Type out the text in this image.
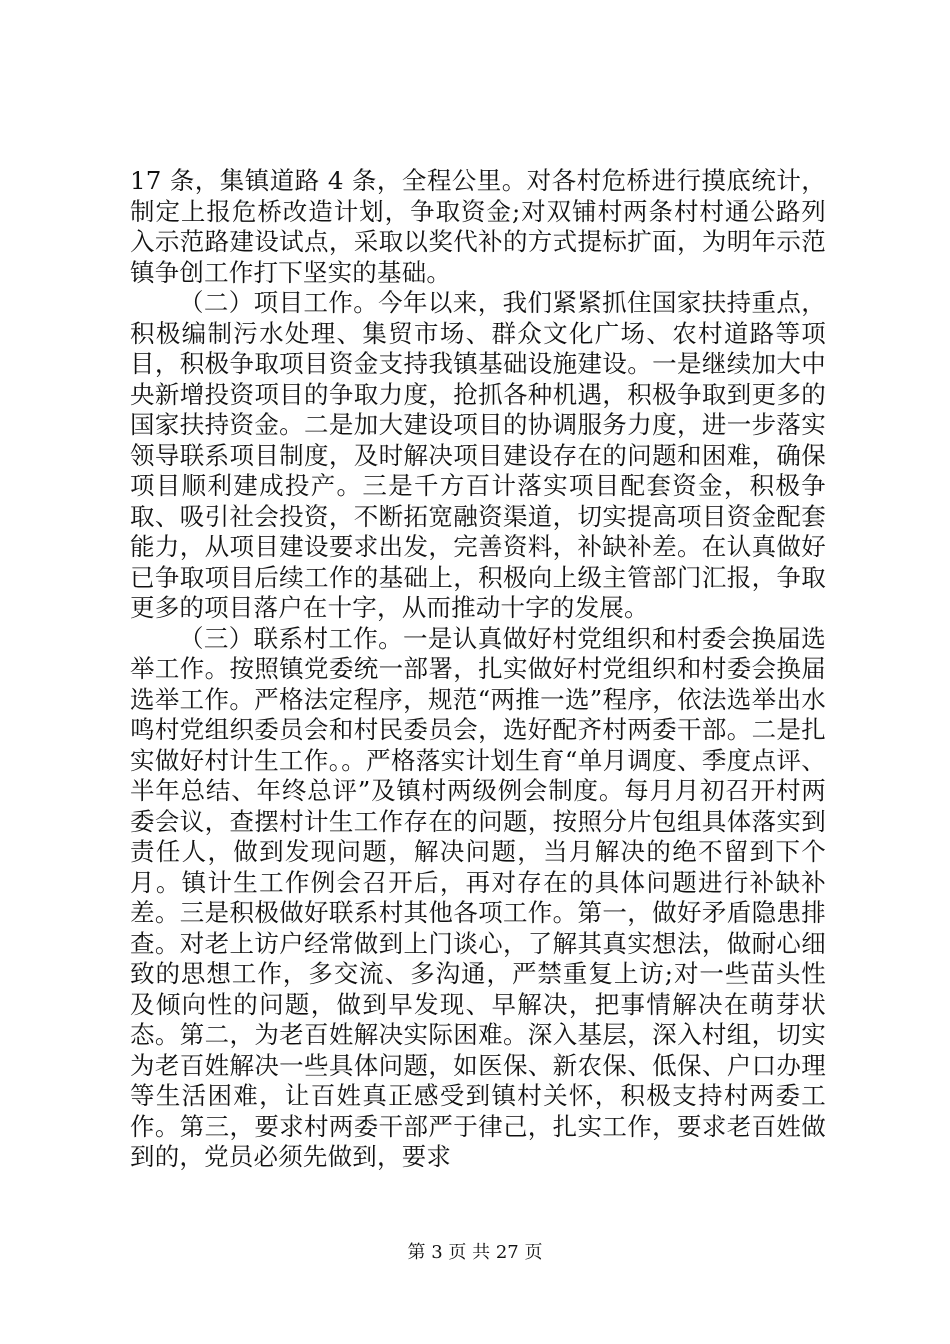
17 条，集镇道路 4 条，全程公里。对各村危桥进行摸底统计，制定上报危桥改造计划，争取资金;对双铺村两条村村通公路列入示范路建设试点，采取以奖代补的方式提标扩面，为明年示范镇争创工作打下坚实的基础。

（二）项目工作。今年以来，我们紧紧抓住国家扶持重点，积极编制污水处理、集贸市场、群众文化广场、农村道路等项目，积极争取项目资金支持我镇基础设施建设。一是继续加大中央新增投资项目的争取力度，抢抓各种机遇，积极争取到更多的国家扶持资金。二是加大建设项目的协调服务力度，进一步落实领导联系项目制度，及时解决项目建设存在的问题和困难，确保项目顺利建成投产。三是千方百计落实项目配套资金，积极争取、吸引社会投资，不断拓宽融资渠道，切实提高项目资金配套能力，从项目建设要求出发，完善资料，补缺补差。在认真做好已争取项目后续工作的基础上，积极向上级主管部门汇报，争取更多的项目落户在十字，从而推动十字的发展。

（三）联系村工作。一是认真做好村党组织和村委会换届选举工作。按照镇党委统一部署，扎实做好村党组织和村委会换届选举工作。严格法定程序，规范“两推一选”程序，依法选举出水鸣村党组织委员会和村民委员会，选好配齐村两委干部。二是扎实做好村计生工作。。严格落实计划生育“单月调度、季度点评、半年总结、年终总评”及镇村两级例会制度。每月月初召开村两委会议，查摆村计生工作存在的问题，按照分片包组具体落实到责任人，做到发现问题，解决问题，当月解决的绝不留到下个月。镇计生工作例会召开后，再对存在的具体问题进行补缺补差。三是积极做好联系村其他各项工作。第一，做好矛盾隐患排查。对老上访户经常做到上门谈心，了解其真实想法，做耐心细致的思想工作，多交流、多沟通，严禁重复上访;对一些苗头性及倾向性的问题，做到早发现、早解决，把事情解决在萌芽状态。第二，为老百姓解决实际困难。深入基层，深入村组，切实为老百姓解决一些具体问题，如医保、新农保、低保、户口办理等生活困难，让百姓真正感受到镇村关怀，积极支持村两委工作。第三，要求村两委干部严于律己，扎实工作，要求老百姓做到的，党员必须先做到，要求

第 3 页 共 27 页
